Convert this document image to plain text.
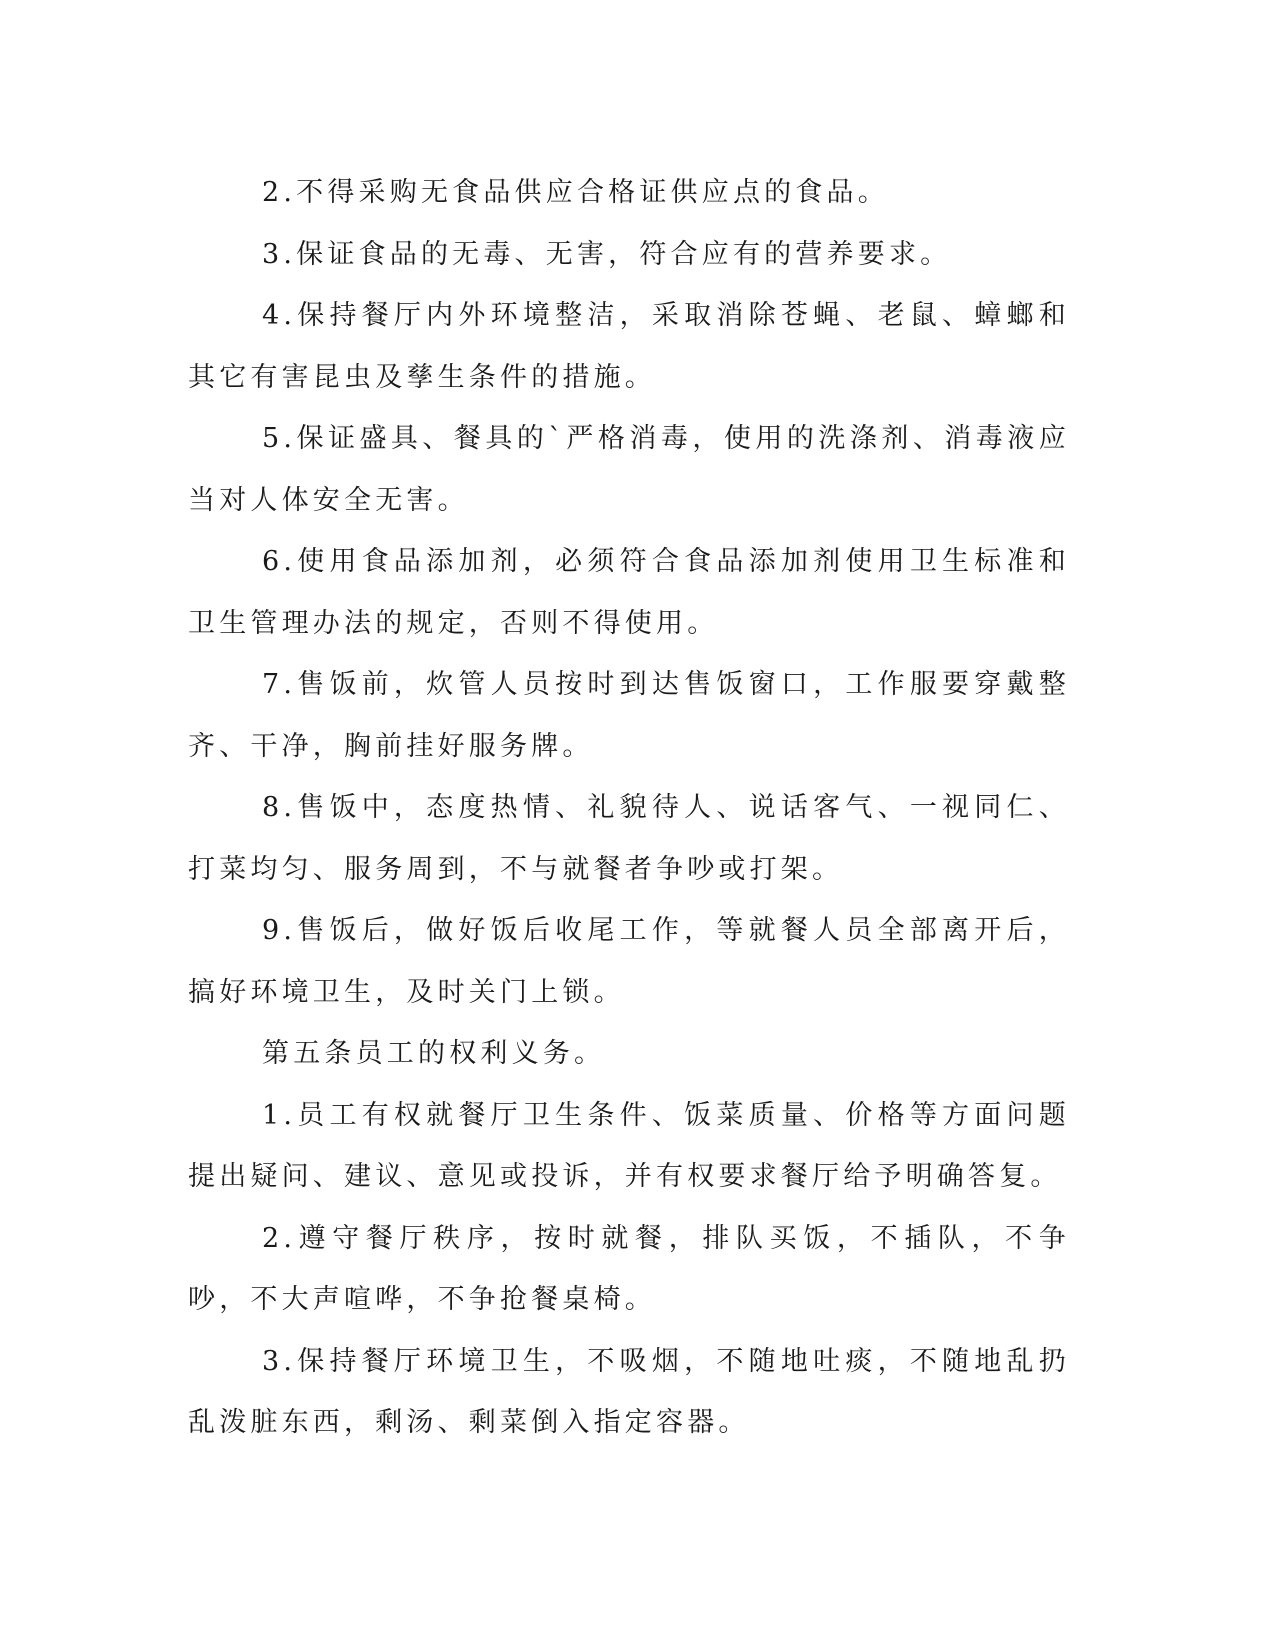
2.不得采购无食品供应合格证供应点的食品。

3.保证食品的无毒、无害，符合应有的营养要求。

4.保持餐厅内外环境整洁，采取消除苍蝇、老鼠、蟑螂和其它有害昆虫及孳生条件的措施。

5.保证盛具、餐具的`严格消毒，使用的洗涤剂、消毒液应当对人体安全无害。

6.使用食品添加剂，必须符合食品添加剂使用卫生标准和卫生管理办法的规定，否则不得使用。

7.售饭前，炊管人员按时到达售饭窗口，工作服要穿戴整齐、干净，胸前挂好服务牌。

8.售饭中，态度热情、礼貌待人、说话客气、一视同仁、打菜均匀、服务周到，不与就餐者争吵或打架。

9.售饭后，做好饭后收尾工作，等就餐人员全部离开后，搞好环境卫生，及时关门上锁。

第五条员工的权利义务。

1.员工有权就餐厅卫生条件、饭菜质量、价格等方面问题提出疑问、建议、意见或投诉，并有权要求餐厅给予明确答复。

2.遵守餐厅秩序，按时就餐，排队买饭，不插队，不争吵，不大声喧哗，不争抢餐桌椅。

3.保持餐厅环境卫生，不吸烟，不随地吐痰，不随地乱扔乱泼脏东西，剩汤、剩菜倒入指定容器。
